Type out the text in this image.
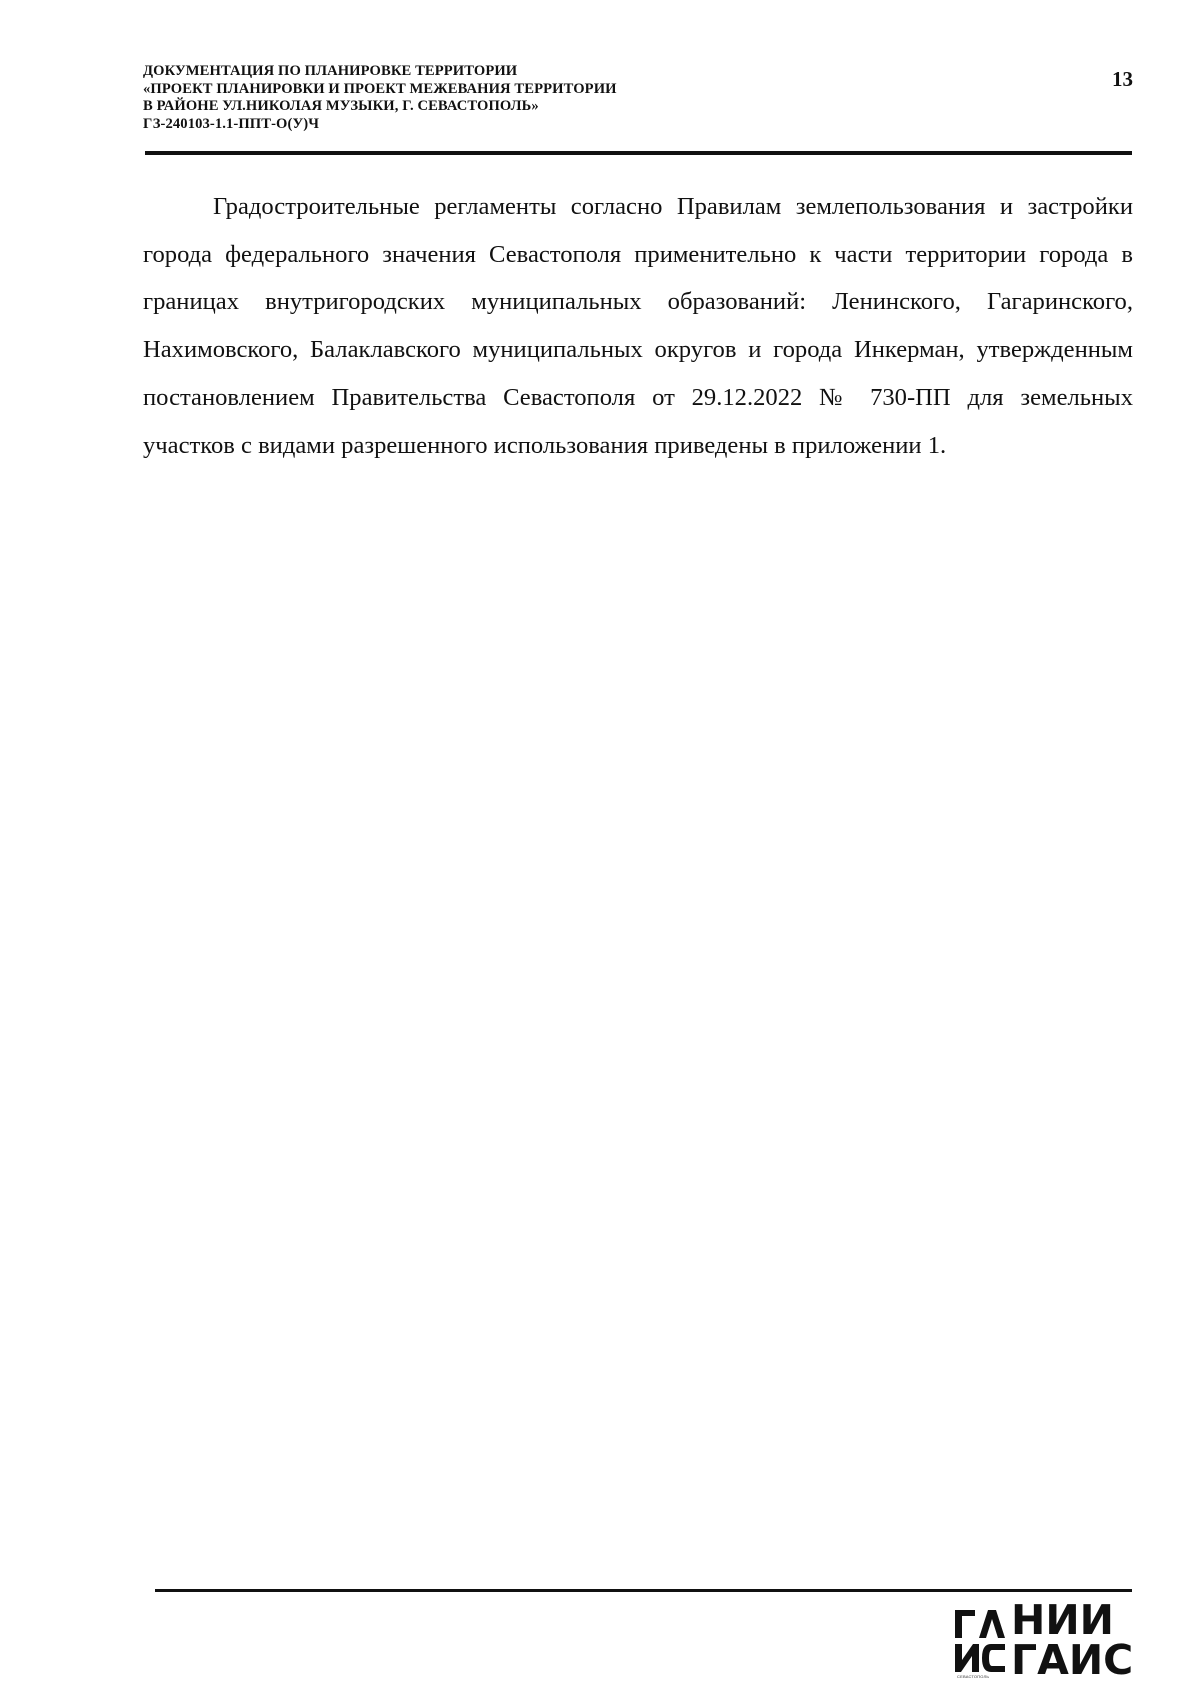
ДОКУМЕНТАЦИЯ ПО ПЛАНИРОВКЕ ТЕРРИТОРИИ
«ПРОЕКТ ПЛАНИРОВКИ И ПРОЕКТ МЕЖЕВАНИЯ ТЕРРИТОРИИ
В РАЙОНЕ УЛ.НИКОЛАЯ МУЗЫКИ, Г. СЕВАСТОПОЛЬ»
ГЗ-240103-1.1-ППТ-О(У)Ч
13

Градостроительные регламенты согласно Правилам землепользования и застройки города федерального значения Севастополя применительно к части территории города в границах внутригородских муниципальных образований: Ленинского, Гагаринского, Нахимовского, Балаклавского муниципальных округов и города Инкерман, утвержденным постановлением Правительства Севастополя от 29.12.2022 № 730-ПП для земельных участков с видами разрешенного использования приведены в приложении 1.

НИИ
ГАИС
СЕВАСТОПОЛЬ
